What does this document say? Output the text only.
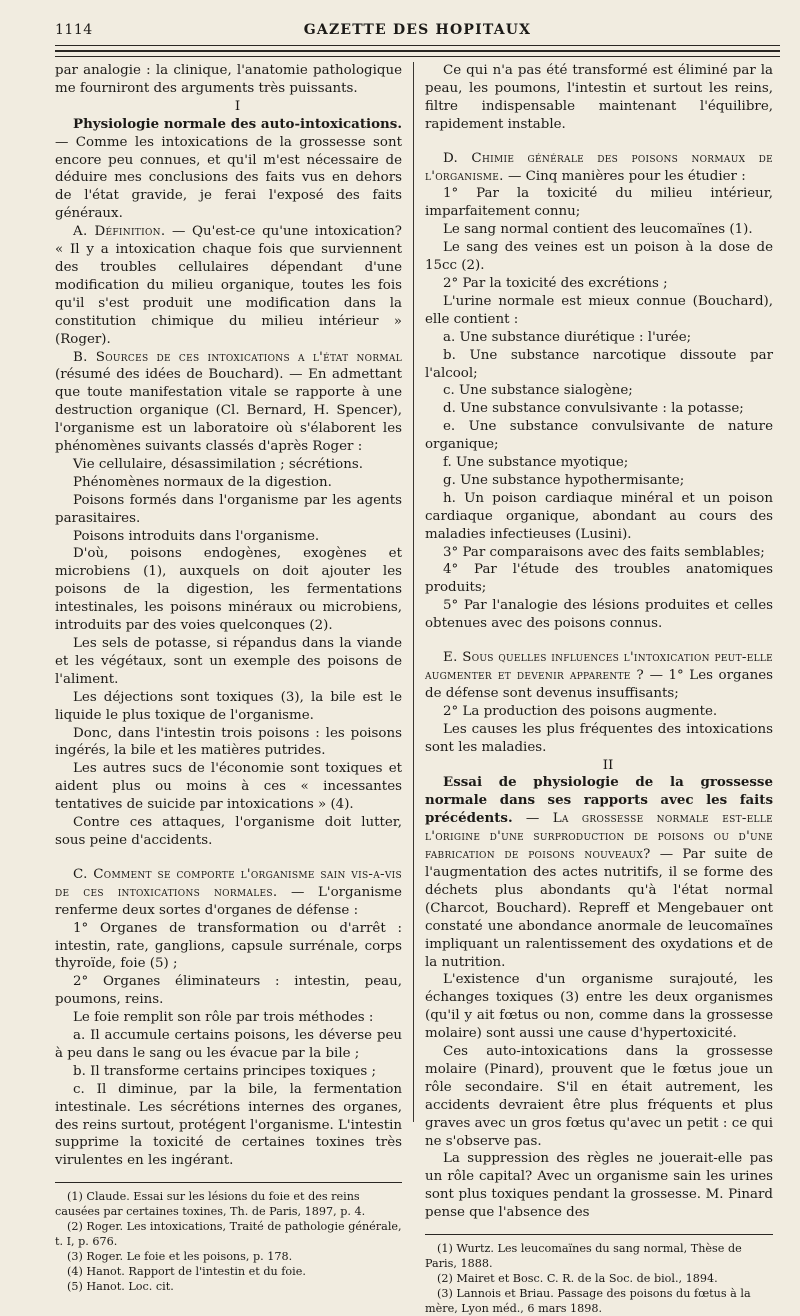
1114	GAZETTE DES HOPITAUX

par analogie : la clinique, l'anatomie pathologique me fourniront des arguments très puissants.

I

Physiologie normale des auto-intoxications. — Comme les intoxications de la grossesse sont encore peu connues, et qu'il m'est nécessaire de déduire mes conclusions des faits vus en dehors de l'état gravide, je ferai l'exposé des faits généraux.

A. Définition. — Qu'est-ce qu'une intoxication? « Il y a intoxication chaque fois que surviennent des troubles cellulaires dépendant d'une modification du milieu organique, toutes les fois qu'il s'est produit une modification dans la constitution chimique du milieu intérieur » (Roger).

B. Sources de ces intoxications a l'état normal (résumé des idées de Bouchard). — En admettant que toute manifestation vitale se rapporte à une destruction organique (Cl. Bernard, H. Spencer), l'organisme est un laboratoire où s'élaborent les phénomènes suivants classés d'après Roger :

Vie cellulaire, désassimilation ; sécrétions.

Phénomènes normaux de la digestion.

Poisons formés dans l'organisme par les agents parasitaires.

Poisons introduits dans l'organisme.

D'où, poisons endogènes, exogènes et microbiens (1), auxquels on doit ajouter les poisons de la digestion, les fermentations intestinales, les poisons minéraux ou microbiens, introduits par des voies quelconques (2).

Les sels de potasse, si répandus dans la viande et les végétaux, sont un exemple des poisons de l'aliment.

Les déjections sont toxiques (3), la bile est le liquide le plus toxique de l'organisme.

Donc, dans l'intestin trois poisons : les poisons ingérés, la bile et les matières putrides.

Les autres sucs de l'économie sont toxiques et aident plus ou moins à ces « incessantes tentatives de suicide par intoxications » (4).

Contre ces attaques, l'organisme doit lutter, sous peine d'accidents.

C. Comment se comporte l'organisme sain vis-a-vis de ces intoxications normales. — L'organisme renferme deux sortes d'organes de défense :

1° Organes de transformation ou d'arrêt : intestin, rate, ganglions, capsule surrénale, corps thyroïde, foie (5) ;

2° Organes éliminateurs : intestin, peau, poumons, reins.

Le foie remplit son rôle par trois méthodes :

a. Il accumule certains poisons, les déverse peu à peu dans le sang ou les évacue par la bile ;

b. Il transforme certains principes toxiques ;

c. Il diminue, par la bile, la fermentation intestinale. Les sécrétions internes des organes, des reins surtout, protégent l'organisme. L'intestin supprime la toxicité de certaines toxines très virulentes en les ingérant.

(1) Claude. Essai sur les lésions du foie et des reins causées par certaines toxines, Th. de Paris, 1897, p. 4.

(2) Roger. Les intoxications, Traité de pathologie générale, t. I, p. 676.

(3) Roger. Le foie et les poisons, p. 178.

(4) Hanot. Rapport de l'intestin et du foie.

(5) Hanot. Loc. cit.

Ce qui n'a pas été transformé est éliminé par la peau, les poumons, l'intestin et surtout les reins, filtre indispensable maintenant l'équilibre, rapidement instable.

D. Chimie générale des poisons normaux de l'organisme. — Cinq manières pour les étudier :

1° Par la toxicité du milieu intérieur, imparfaitement connu;

Le sang normal contient des leucomaïnes (1).

Le sang des veines est un poison à la dose de 15cc (2).

2° Par la toxicité des excrétions ;

L'urine normale est mieux connue (Bouchard), elle contient :

a. Une substance diurétique : l'urée;

b. Une substance narcotique dissoute par l'alcool;

c. Une substance sialogène;

d. Une substance convulsivante : la potasse;

e. Une substance convulsivante de nature organique;

f. Une substance myotique;

g. Une substance hypothermisante;

h. Un poison cardiaque minéral et un poison cardiaque organique, abondant au cours des maladies infectieuses (Lusini).

3° Par comparaisons avec des faits semblables;

4° Par l'étude des troubles anatomiques produits;

5° Par l'analogie des lésions produites et celles obtenues avec des poisons connus.

E. Sous quelles influences l'intoxication peut-elle augmenter et devenir apparente ? — 1° Les organes de défense sont devenus insuffisants;

2° La production des poisons augmente.

Les causes les plus fréquentes des intoxications sont les maladies.

II

Essai de physiologie de la grossesse normale dans ses rapports avec les faits précédents. — La grossesse normale est-elle l'origine d'une surproduction de poisons ou d'une fabrication de poisons nouveaux? — Par suite de l'augmentation des actes nutritifs, il se forme des déchets plus abondants qu'à l'état normal (Charcot, Bouchard). Repreff et Mengebauer ont constaté une abondance anormale de leucomaïnes impliquant un ralentissement des oxydations et de la nutrition.

L'existence d'un organisme surajouté, les échanges toxiques (3) entre les deux organismes (qu'il y ait fœtus ou non, comme dans la grossesse molaire) sont aussi une cause d'hypertoxicité.

Ces auto-intoxications dans la grossesse molaire (Pinard), prouvent que le fœtus joue un rôle secondaire. S'il en était autrement, les accidents devraient être plus fréquents et plus graves avec un gros fœtus qu'avec un petit : ce qui ne s'observe pas.

La suppression des règles ne jouerait-elle pas un rôle capital? Avec un organisme sain les urines sont plus toxiques pendant la grossesse. M. Pinard pense que l'absence des

(1) Wurtz. Les leucomaïnes du sang normal, Thèse de Paris, 1888.

(2) Mairet et Bosc. C. R. de la Soc. de biol., 1894.

(3) Lannois et Briau. Passage des poisons du fœtus à la mère, Lyon méd., 6 mars 1898.
